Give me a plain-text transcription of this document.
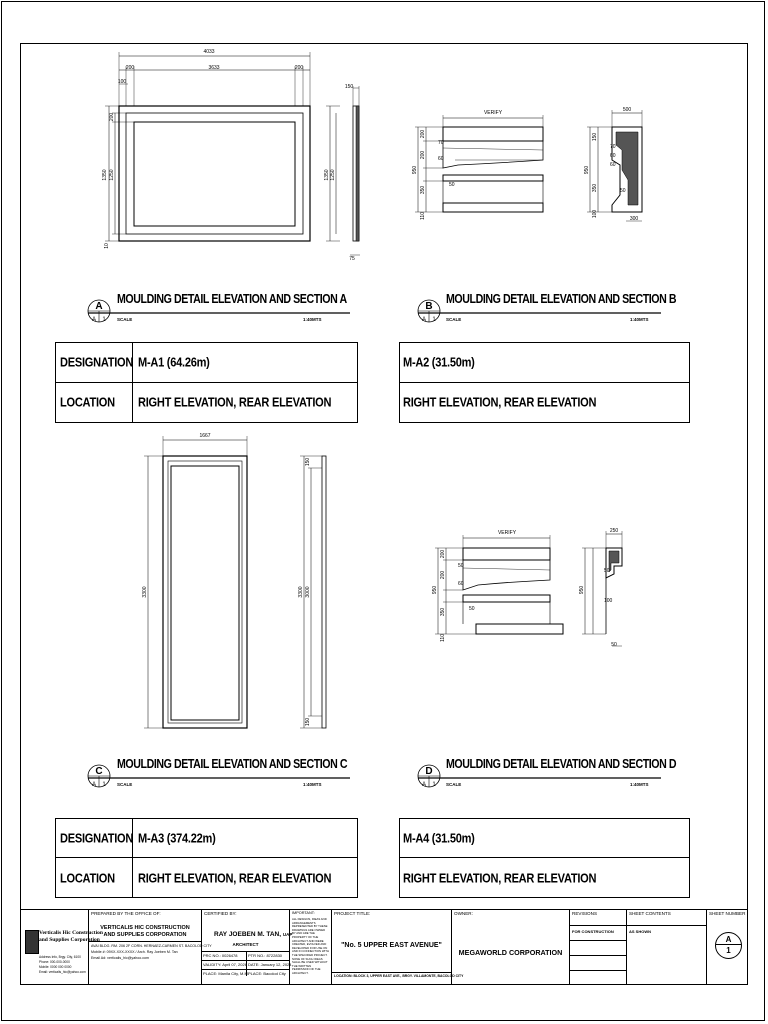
4033
3633
200	200
100
1350 1250
200
10
150
1350 1250
75
VERIFY
950
200
200
350
70
60
50
110
500
950
150
350
100
70
60
60
50
300
1667
3300	3300 3000
150
150
VERIFY
950
200
200
350
50
60
50
110
250
950
50
100
50
A
A 1
B
A 1
C
A 1
D
A 1
MOULDING DETAIL ELEVATION AND SECTION A
SCALE	1:40MTS
MOULDING DETAIL ELEVATION AND SECTION B
SCALE	1:40MTS
MOULDING DETAIL ELEVATION AND SECTION C
SCALE	1:40MTS
MOULDING DETAIL ELEVATION AND SECTION D
SCALE	1:40MTS
DESIGNATION M-A1 (64.26m)
LOCATION RIGHT ELEVATION, REAR ELEVATION
M-A2 (31.50m)
RIGHT ELEVATION, REAR ELEVATION
DESIGNATION M-A3 (374.22m)
LOCATION RIGHT ELEVATION, REAR ELEVATION
M-A4 (31.50m)
RIGHT ELEVATION, REAR ELEVATION
Verticalis Hic Construction
and Supplies Corporation
Address Info, Brgy. City, 6100
Phone: 000-000-0000
Mobile: 0000 000 0000
Email: verticalis_hic@yahoo.com
PREPARED BY THE OFFICE OF:
VERTICALIS HIC CONSTRUCTION
AND SUPPLIES CORPORATION
AVAI BLDG. RM. 206 2F CORN. HERNAEZ-CARMEN ST. BACOLOD CITY
Mobile #: 09XX-XXX-XXXX / Arch. Ray Joeben M. Tan
Email Ad: verticalis_hic@yahoo.com
CERTIFIED BY:
RAY JOEBEN M. TAN, UAP
ARCHITECT
PRC NO.: 0026478	PTR NO.: 8722830
VALIDITY: April 07, 2026 DATE: January 12, 2024
PLACE: Manila City, M.M. PLACE: Bacolod City
IMPORTANT:
ALL DESIGNS, IDEAS AND ARRANGEMENTS REPRESENTED BY THESE DRAWINGS ARE OWNED BY AND ARE THE PROPERTY OF THE ARCHITECT AND WERE CREATED, EVOLVED AND DEVELOPED FOR USE ON AND IN CONNECTION WITH THE SPECIFIED PROJECT. NONE OF SUCH IDEAS SHALL BE USED WITHOUT THE WRITTEN PERMISSION OF THE ARCHITECT.
PROJECT TITLE:
"No. 5 UPPER EAST AVENUE"
LOCATION: BLOCK 3, UPPER EAST AVE., BRGY. VILLAMONTE, BACOLOD CITY
OWNER:
MEGAWORLD CORPORATION
REVISIONS
FOR CONSTRUCTION
SHEET CONTENTS
AS SHOWN
SHEET NUMBER
A
1
